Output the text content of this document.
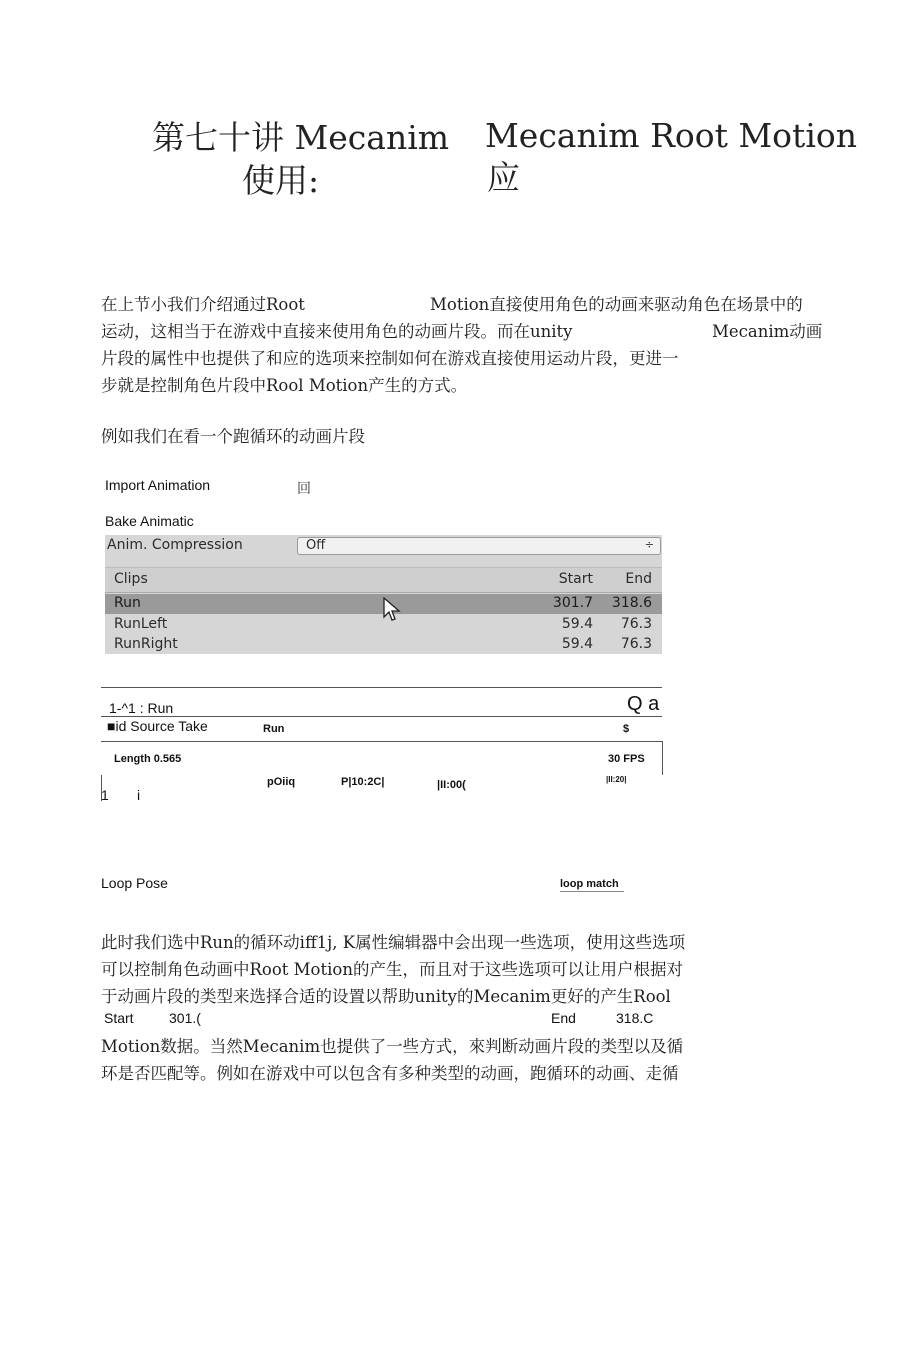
第七十讲 Mecanim
使用:
Mecanim Root Motion
应
在上节小我们介绍通过Root	Motion直接使用角色的动画来驱动角色在场景中的
运动，这相当于在游戏中直接来使用角色的动画片段。而在unity	Mecanim动画
片段的属性中也提供了和应的选项来控制如何在游戏直接使用运动片段，更进一
步就是控制角色片段中Rool Motion产生的方式。
例如我们在看一个跑循环的动画片段
Import Animation	回
Bake Animatic
Anim. Compression	Off	÷
Clips	Start	End
Run	301.7	318.6
RunLeft	59.4	76.3
RunRight	59.4	76.3
1-^1 : Run	Q a
■id Source Take	Run	$
Length 0.565	30 FPS
pOiiq	P|10:2C|	|II:00(	|II:20|
1 i
Loop Pose	loop match
此时我们选中Run的循环动iff1j, K属性编辑器中会出现一些选项，使用这些选项
可以控制角色动画中Root Motion的产生，而且对于这些选项可以让用户根据对
于动画片段的类型来选择合适的设置以帮助unity的Mecanim更好的产生Rool
Start	301.(	End	318.C
Motion数据。当然Mecanim也提供了一些方式，來判断动画片段的类型以及循
环是否匹配等。例如在游戏中可以包含有多种类型的动画，跑循环的动画、走循
